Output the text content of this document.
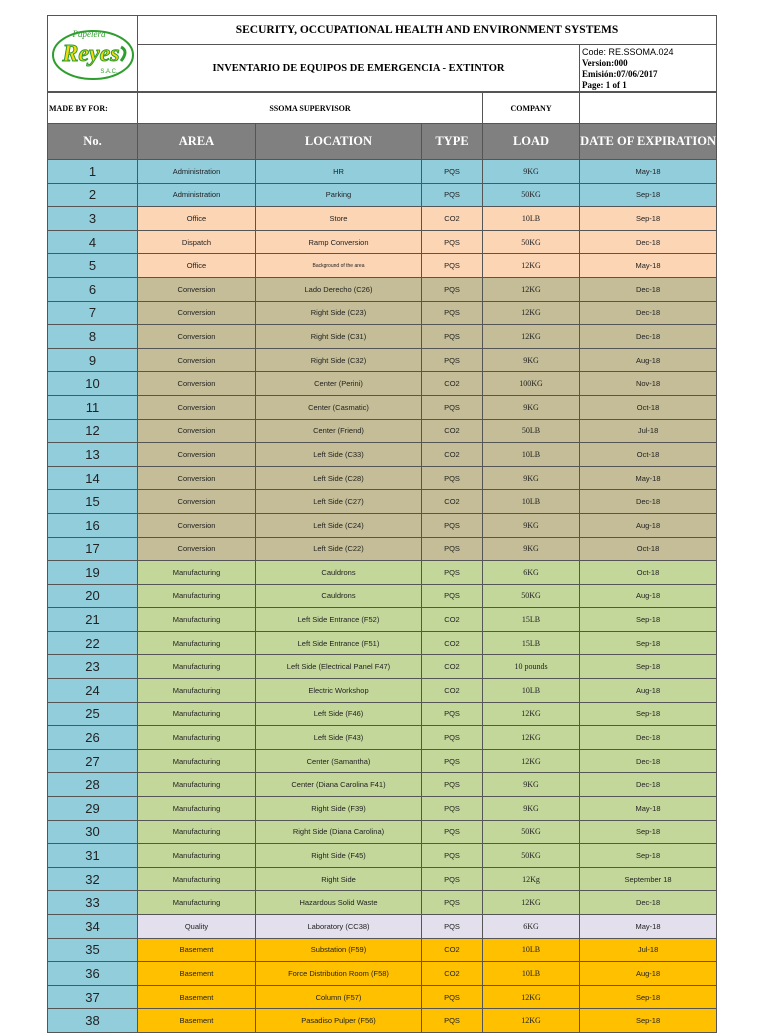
Papelera
Reyes
S.A.C.	SECURITY, OCCUPATIONAL HEALTH AND ENVIRONMENT SYSTEMS	
	INVENTARIO DE EQUIPOS DE EMERGENCIA - EXTINTOR	Code: RE.SSOMA.024
Version:000
Emisión:07/06/2017
Page: 1 of 1
MADE BY FOR:	SSOMA SUPERVISOR			COMPANY	
No.	AREA	LOCATION	TYPE	LOAD	DATE OF EXPIRATION
1	Administration	HR	PQS	9KG	May-18
2	Administration	Parking	PQS	50KG	Sep-18
3	Office	Store	CO2	10LB	Sep-18
4	Dispatch	Ramp Conversion	PQS	50KG	Dec-18
5	Office	Background of the area	PQS	12KG	May-18
6	Conversion	Lado Derecho (C26)	PQS	12KG	Dec-18
7	Conversion	Right Side (C23)	PQS	12KG	Dec-18
8	Conversion	Right Side (C31)	PQS	12KG	Dec-18
9	Conversion	Right Side (C32)	PQS	9KG	Aug-18
10	Conversion	Center (Perini)	CO2	100KG	Nov-18
11	Conversion	Center (Casmatic)	PQS	9KG	Oct-18
12	Conversion	Center (Friend)	CO2	50LB	Jul-18
13	Conversion	Left Side (C33)	CO2	10LB	Oct-18
14	Conversion	Left Side (C28)	PQS	9KG	May-18
15	Conversion	Left Side (C27)	CO2	10LB	Dec-18
16	Conversion	Left Side (C24)	PQS	9KG	Aug-18
17	Conversion	Left Side (C22)	PQS	9KG	Oct-18
19	Manufacturing	Cauldrons	PQS	6KG	Oct-18
20	Manufacturing	Cauldrons	PQS	50KG	Aug-18
21	Manufacturing	Left Side Entrance (F52)	CO2	15LB	Sep-18
22	Manufacturing	Left Side Entrance (F51)	CO2	15LB	Sep-18
23	Manufacturing	Left Side (Electrical Panel F47)	CO2	10 pounds	Sep-18
24	Manufacturing	Electric Workshop	CO2	10LB	Aug-18
25	Manufacturing	Left Side (F46)	PQS	12KG	Sep-18
26	Manufacturing	Left Side (F43)	PQS	12KG	Dec-18
27	Manufacturing	Center (Samantha)	PQS	12KG	Dec-18
28	Manufacturing	Center (Diana Carolina F41)	PQS	9KG	Dec-18
29	Manufacturing	Right Side (F39)	PQS	9KG	May-18
30	Manufacturing	Right Side (Diana Carolina)	PQS	50KG	Sep-18
31	Manufacturing	Right Side (F45)	PQS	50KG	Sep-18
32	Manufacturing	Right Side	PQS	12Kg	September 18
33	Manufacturing	Hazardous Solid Waste	PQS	12KG	Dec-18
34	Quality	Laboratory (CC38)	PQS	6KG	May-18
35	Basement	Substation (F59)	CO2	10LB	Jul-18
36	Basement	Force Distribution Room (F58)	CO2	10LB	Aug-18
37	Basement	Column (F57)	PQS	12KG	Sep-18
38	Basement	Pasadiso Pulper (F56)	PQS	12KG	Sep-18
